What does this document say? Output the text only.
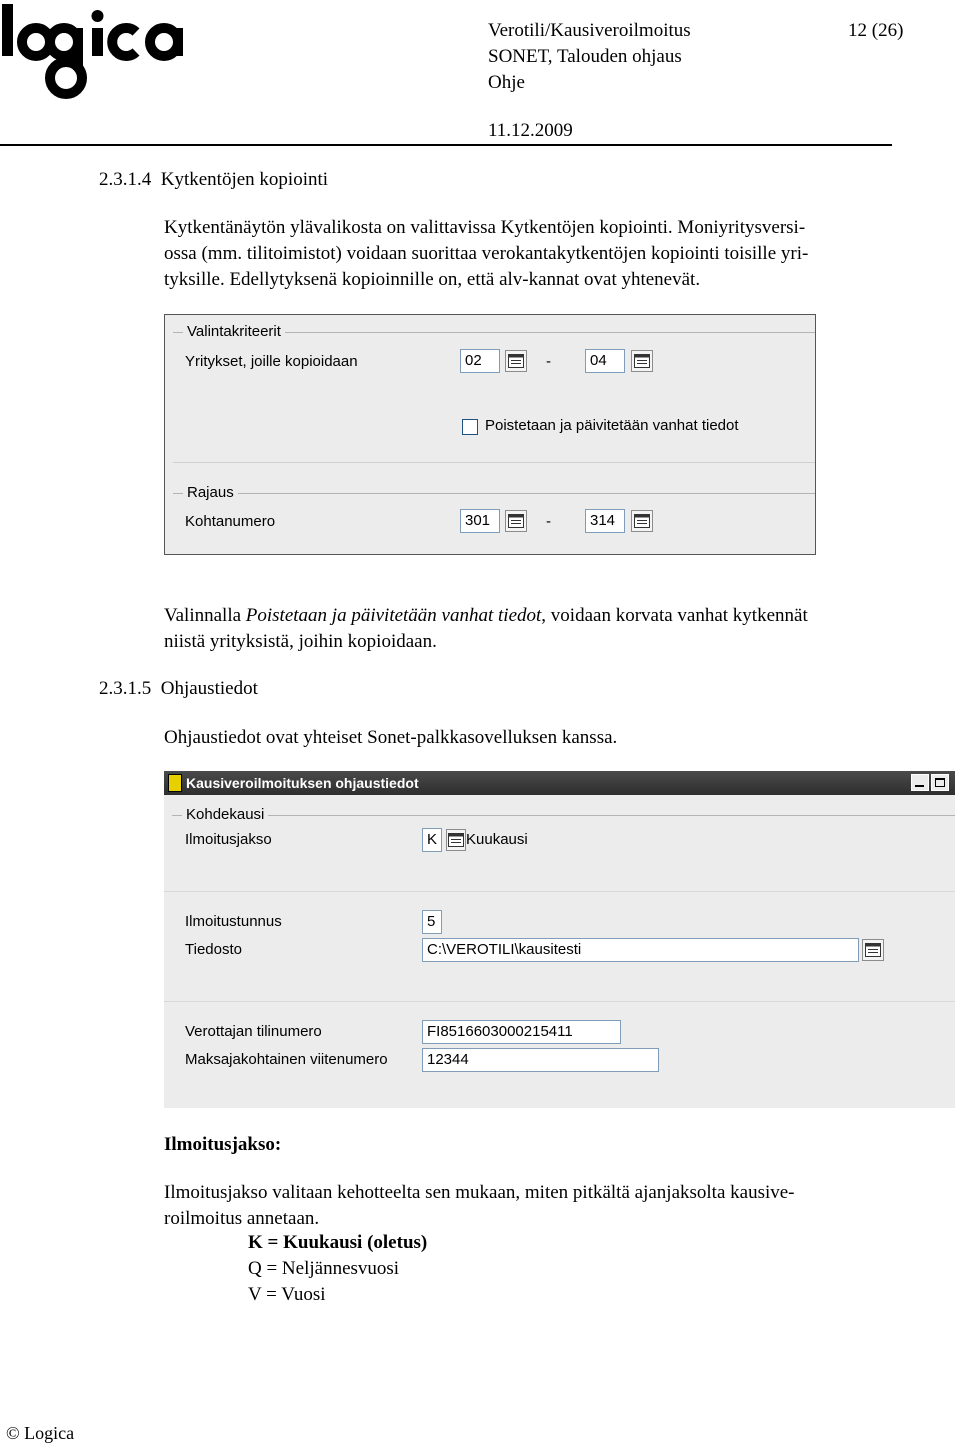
Verotili/Kausiveroilmoitus	12 (26)
SONET, Talouden ohjaus
Ohje
11.12.2009
2.3.1.4  Kytkentöjen kopiointi
Kytkentänäytön ylävalikosta on valittavissa Kytkentöjen kopiointi. Moniyritysversi-
ossa (mm. tilitoimistot) voidaan suorittaa verokantakytkentöjen kopiointi toisille yri-
tyksille. Edellytyksenä kopioinnille on, että alv-kannat ovat yhtenevät.
Valintakriteerit
Yritykset, joille kopioidaan	02	-	04
Poistetaan ja päivitetään vanhat tiedot
Rajaus
Kohtanumero	301	-	314
Valinnalla Poistetaan ja päivitetään vanhat tiedot, voidaan korvata vanhat kytkennät
niistä yrityksistä, joihin kopioidaan.
2.3.1.5  Ohjaustiedot
Ohjaustiedot ovat yhteiset Sonet-palkkasovelluksen kanssa.
Kausiveroilmoituksen ohjaustiedot
Kohdekausi
Ilmoitusjakso	K	Kuukausi
Ilmoitustunnus	5
Tiedosto	C:\VEROTILI\kausitesti
Verottajan tilinumero	FI8516603000215411
Maksajakohtainen viitenumero	12344
Ilmoitusjakso:
Ilmoitusjakso valitaan kehotteelta sen mukaan, miten pitkältä ajanjaksolta kausive-
roilmoitus annetaan.
K = Kuukausi (oletus)
Q = Neljännesvuosi
V = Vuosi
© Logica
